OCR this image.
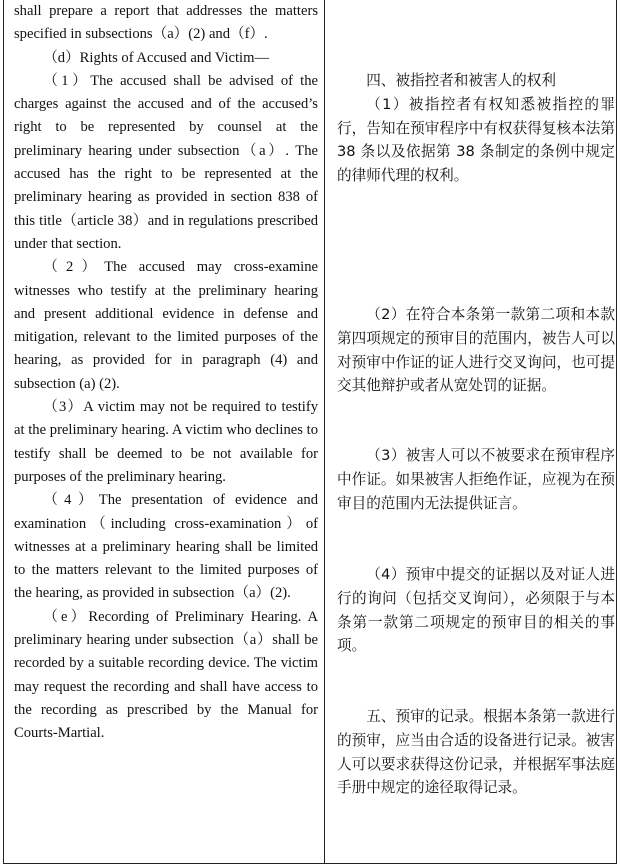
shall prepare a report that addresses the matters specified in subsections（a）(2) and（f）.

（d）Rights of Accused and Victim—

（1）The accused shall be advised of the charges against the accused and of the accused’s right to be represented by counsel at the preliminary hearing under subsection（a）. The accused has the right to be represented at the preliminary hearing as provided in section 838 of this title（article 38）and in regulations prescribed under that section.

（2）The accused may cross-examine witnesses who testify at the preliminary hearing and present additional evidence in defense and mitigation, relevant to the limited purposes of the hearing, as provided for in paragraph (4) and subsection (a) (2).

（3）A victim may not be required to testify at the preliminary hearing. A victim who declines to testify shall be deemed to be not available for purposes of the preliminary hearing.

（4）The presentation of evidence and examination（including cross-examination）of witnesses at a preliminary hearing shall be limited to the matters relevant to the limited purposes of the hearing, as provided in subsection（a）(2).

（e）Recording of Preliminary Hearing. A preliminary hearing under subsection（a）shall be recorded by a suitable recording device. The victim may request the recording and shall have access to the recording as prescribed by the Manual for Courts-Martial.

四、被指控者和被害人的权利

（1）被指控者有权知悉被指控的罪行，告知在预审程序中有权获得复核本法第 38 条以及依据第 38 条制定的条例中规定的律师代理的权利。

（2）在符合本条第一款第二项和本款第四项规定的预审目的范围内，被告人可以对预审中作证的证人进行交叉询问，也可提交其他辩护或者从宽处罚的证据。

（3）被害人可以不被要求在预审程序中作证。如果被害人拒绝作证，应视为在预审目的范围内无法提供证言。

（4）预审中提交的证据以及对证人进行的询问（包括交叉询问），必须限于与本条第一款第二项规定的预审目的相关的事项。

五、预审的记录。根据本条第一款进行的预审，应当由合适的设备进行记录。被害人可以要求获得这份记录，并根据军事法庭手册中规定的途径取得记录。
